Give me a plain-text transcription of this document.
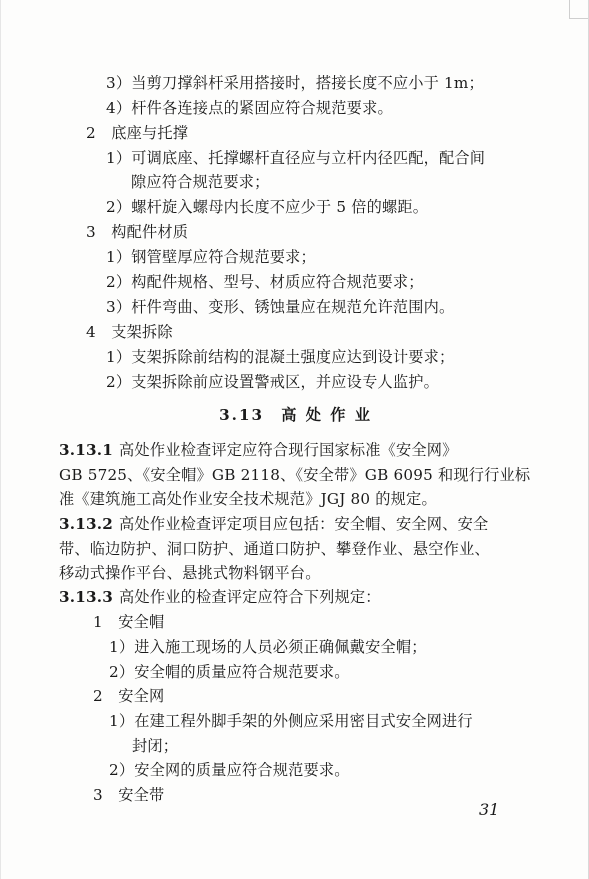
3）当剪刀撑斜杆采用搭接时，搭接长度不应小于 1m；
4）杆件各连接点的紧固应符合规范要求。
2　底座与托撑
1）可调底座、托撑螺杆直径应与立杆内径匹配，配合间
隙应符合规范要求；
2）螺杆旋入螺母内长度不应少于 5 倍的螺距。
3　构配件材质
1）钢管壁厚应符合规范要求；
2）构配件规格、型号、材质应符合规范要求；
3）杆件弯曲、变形、锈蚀量应在规范允许范围内。
4　支架拆除
1）支架拆除前结构的混凝土强度应达到设计要求；
2）支架拆除前应设置警戒区，并应设专人监护。
3.13　高 处 作 业
3.13.1 高处作业检查评定应符合现行国家标准《安全网》
GB 5725、《安全帽》GB 2118、《安全带》GB 6095 和现行行业标
准《建筑施工高处作业安全技术规范》JGJ 80 的规定。
3.13.2 高处作业检查评定项目应包括：安全帽、安全网、安全
带、临边防护、洞口防护、通道口防护、攀登作业、悬空作业、
移动式操作平台、悬挑式物料钢平台。
3.13.3 高处作业的检查评定应符合下列规定：
1　安全帽
1）进入施工现场的人员必须正确佩戴安全帽；
2）安全帽的质量应符合规范要求。
2　安全网
1）在建工程外脚手架的外侧应采用密目式安全网进行
封闭；
2）安全网的质量应符合规范要求。
3　安全带
31
